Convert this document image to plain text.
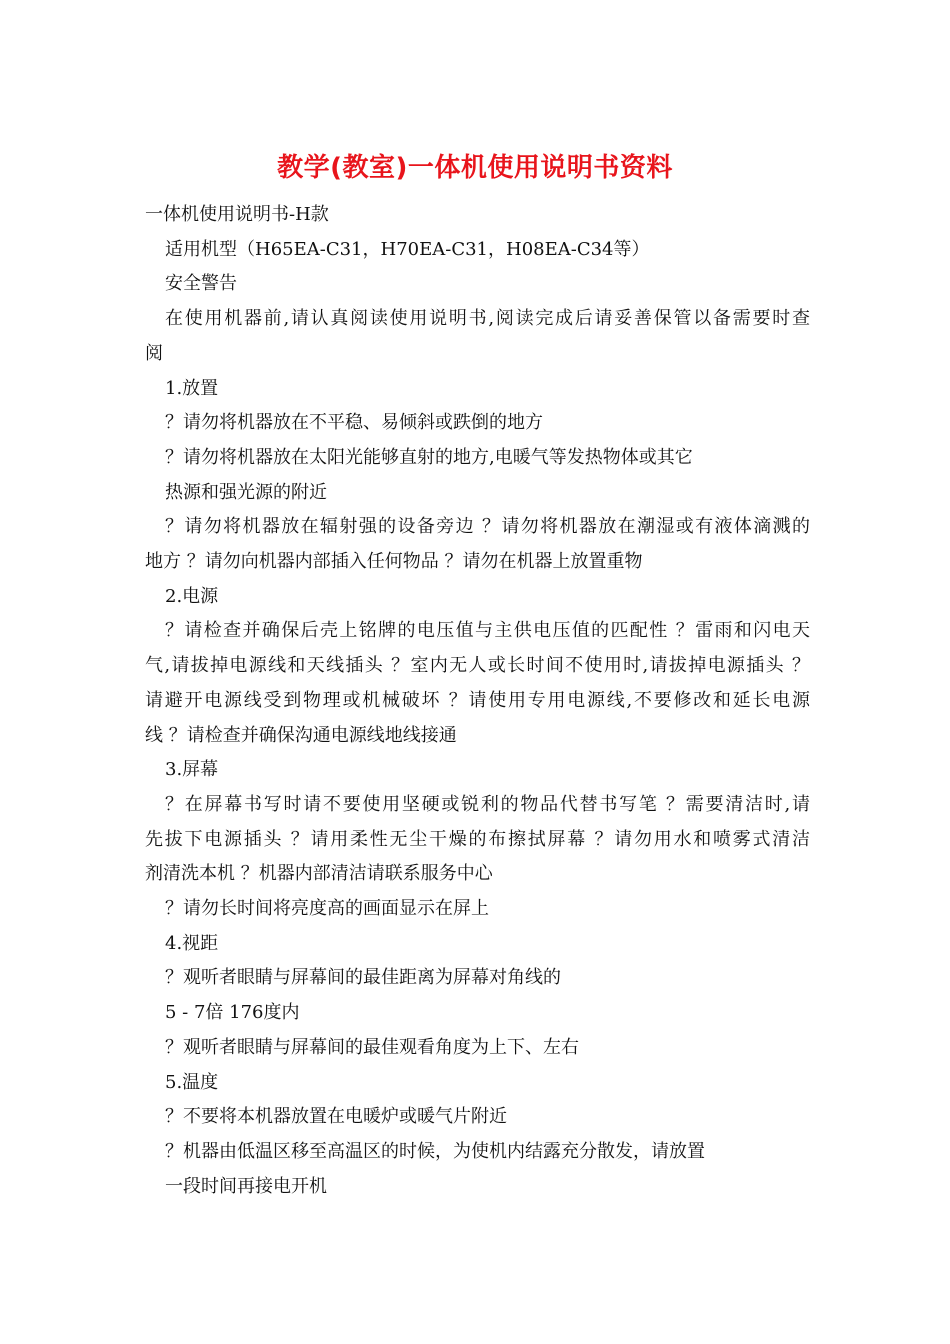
教学(教室)一体机使用说明书资料
一体机使用说明书-H款
适用机型（H65EA-C31，H70EA-C31，H08EA-C34等）
安全警告
在使用机器前,请认真阅读使用说明书,阅读完成后请妥善保管以备需要时查
阅
1.放置
？请勿将机器放在不平稳、易倾斜或跌倒的地方
？请勿将机器放在太阳光能够直射的地方,电暖气等发热物体或其它
热源和强光源的附近
？请勿将机器放在辐射强的设备旁边 ？请勿将机器放在潮湿或有液体滴溅的
地方 ？请勿向机器内部插入任何物品 ？请勿在机器上放置重物
2.电源
？请检查并确保后壳上铭牌的电压值与主供电压值的匹配性 ？雷雨和闪电天
气,请拔掉电源线和天线插头 ？室内无人或长时间不使用时,请拔掉电源插头 ？
请避开电源线受到物理或机械破坏 ？请使用专用电源线,不要修改和延长电源
线 ？请检查并确保沟通电源线地线接通
3.屏幕
？在屏幕书写时请不要使用坚硬或锐利的物品代替书写笔 ？需要清洁时,请
先拔下电源插头 ？请用柔性无尘干燥的布擦拭屏幕 ？请勿用水和喷雾式清洁
剂清洗本机 ？机器内部清洁请联系服务中心
？请勿长时间将亮度高的画面显示在屏上
4.视距
？观听者眼睛与屏幕间的最佳距离为屏幕对角线的
5 - 7倍 176度内
？观听者眼睛与屏幕间的最佳观看角度为上下、左右
5.温度
？不要将本机器放置在电暖炉或暖气片附近
？机器由低温区移至高温区的时候，为使机内结露充分散发，请放置
一段时间再接电开机
